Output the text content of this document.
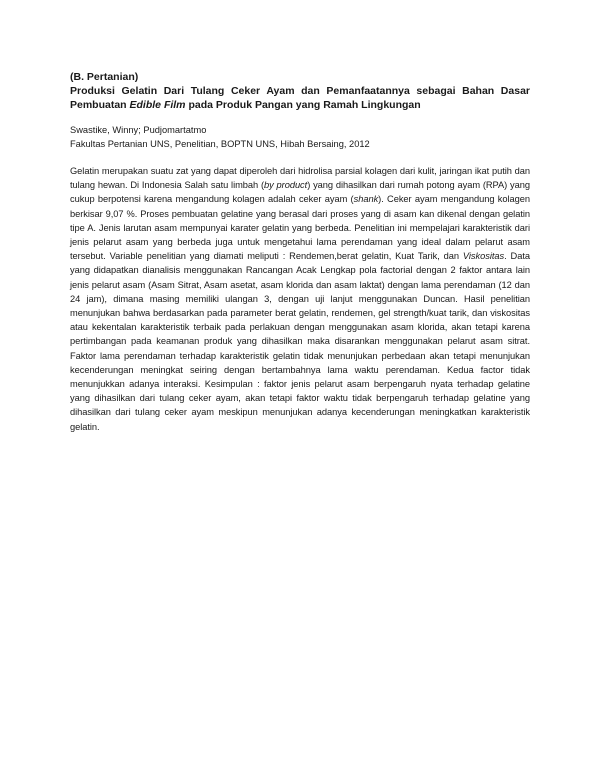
(B. Pertanian)

Produksi Gelatin Dari Tulang Ceker Ayam dan Pemanfaatannya sebagai Bahan Dasar Pembuatan Edible Film pada Produk Pangan yang Ramah Lingkungan

Swastike, Winny; Pudjomartatmo
Fakultas Pertanian UNS, Penelitian, BOPTN UNS, Hibah Bersaing, 2012
Gelatin merupakan suatu zat yang dapat diperoleh dari hidrolisa parsial kolagen dari kulit, jaringan ikat putih dan tulang hewan. Di Indonesia Salah satu limbah (by product) yang dihasilkan dari rumah potong ayam (RPA) yang cukup berpotensi karena mengandung kolagen adalah ceker ayam (shank). Ceker ayam mengandung kolagen berkisar 9,07 %. Proses pembuatan gelatine yang berasal dari proses yang di asam kan dikenal dengan gelatin tipe A. Jenis larutan asam mempunyai karater gelatin yang berbeda. Penelitian ini mempelajari karakteristik dari jenis pelarut asam yang berbeda juga untuk mengetahui lama perendaman yang ideal dalam pelarut asam tersebut. Variable penelitian yang diamati meliputi : Rendemen,berat gelatin, Kuat Tarik, dan Viskositas. Data yang didapatkan dianalisis menggunakan Rancangan Acak Lengkap pola factorial dengan 2 faktor antara lain jenis pelarut asam (Asam Sitrat, Asam asetat, asam klorida dan asam laktat) dengan lama perendaman (12 dan 24 jam), dimana masing memiliki ulangan 3, dengan uji lanjut menggunakan Duncan. Hasil penelitian menunjukan bahwa berdasarkan pada parameter berat gelatin, rendemen, gel strength/kuat tarik, dan viskositas atau kekentalan karakteristik terbaik pada perlakuan dengan menggunakan asam klorida, akan tetapi karena pertimbangan pada keamanan produk yang dihasilkan maka disarankan menggunakan pelarut asam sitrat. Faktor lama perendaman terhadap karakteristik gelatin tidak menunjukan perbedaan akan tetapi menunjukan kecenderungan meningkat seiring dengan bertambahnya lama waktu perendaman. Kedua factor tidak menunjukkan adanya interaksi. Kesimpulan : faktor jenis pelarut asam berpengaruh nyata terhadap gelatine yang dihasilkan dari tulang ceker ayam, akan tetapi faktor waktu tidak berpengaruh terhadap gelatine yang dihasilkan dari tulang ceker ayam meskipun menunjukan adanya kecenderungan meningkatkan karakteristik gelatin.
